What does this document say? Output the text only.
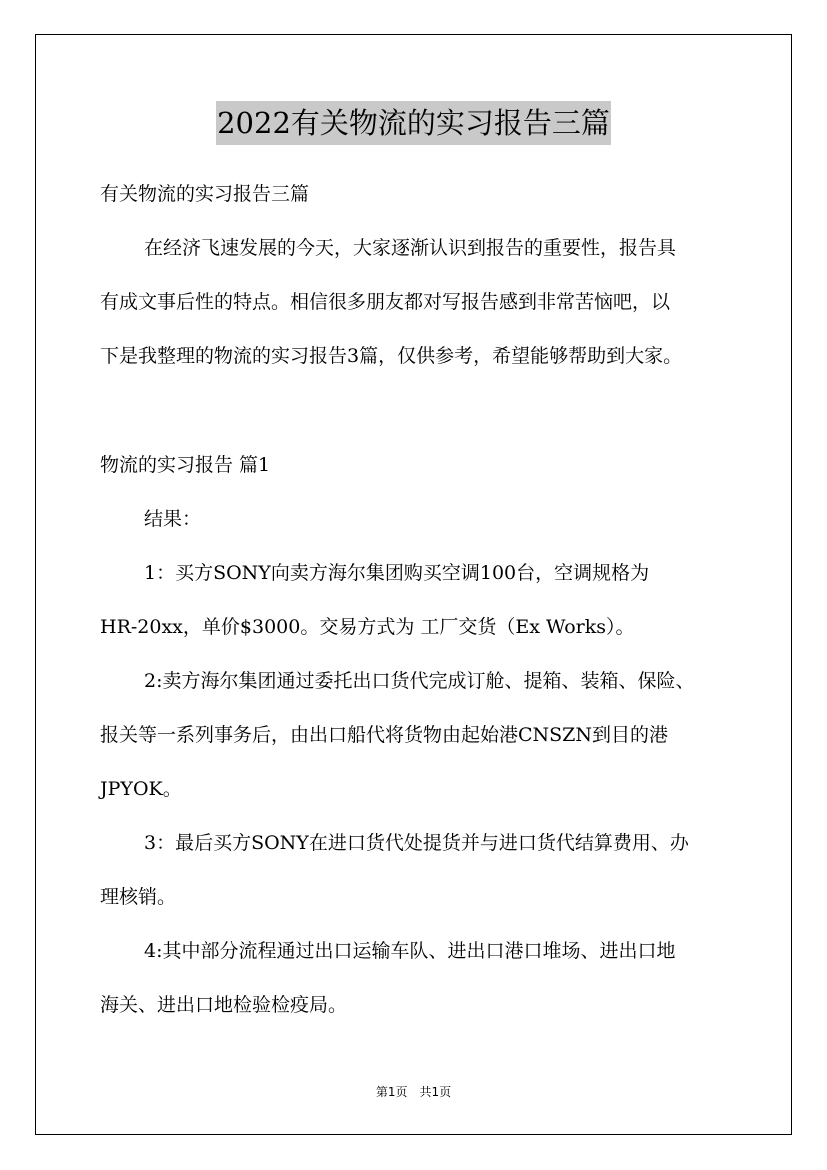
2022有关物流的实习报告三篇
有关物流的实习报告三篇
在经济飞速发展的今天，大家逐渐认识到报告的重要性，报告具
有成文事后性的特点。相信很多朋友都对写报告感到非常苦恼吧，以
下是我整理的物流的实习报告3篇，仅供参考，希望能够帮助到大家。
物流的实习报告 篇1
结果：
1：买方SONY向卖方海尔集团购买空调100台，空调规格为
HR-20xx，单价$3000。交易方式为 工厂交货（Ex Works）。
2:卖方海尔集团通过委托出口货代完成订舱、提箱、装箱、保险、
报关等一系列事务后，由出口船代将货物由起始港CNSZN到目的港
JPYOK。
3：最后买方SONY在进口货代处提货并与进口货代结算费用、办
理核销。
4:其中部分流程通过出口运输车队、进出口港口堆场、进出口地
海关、进出口地检验检疫局。
第1页 共1页
